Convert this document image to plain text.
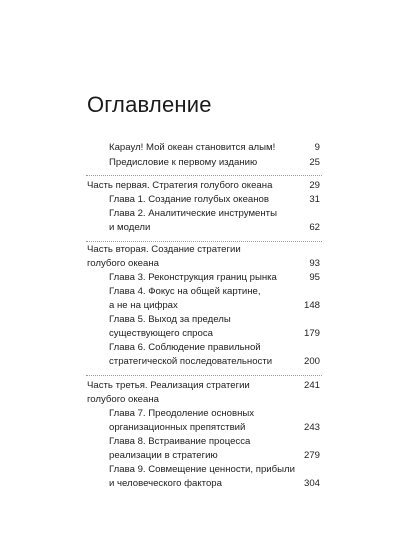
Оглавление
Караул! Мой океан становится алым!	9
Предисловие к первому изданию	25
Часть первая. Стратегия голубого океана	29
Глава 1. Создание голубых океанов	31
Глава 2. Аналитические инструменты
и модели	62
Часть вторая. Создание стратегии
голубого океана	93
Глава 3. Реконструкция границ рынка	95
Глава 4. Фокус на общей картине,
а не на цифрах	148
Глава 5. Выход за пределы
существующего спроса	179
Глава 6. Соблюдение правильной
стратегической последовательности	200
Часть третья. Реализация стратегии	241
голубого океана
Глава 7. Преодоление основных
организационных препятствий	243
Глава 8. Встраивание процесса
реализации в стратегию	279
Глава 9. Совмещение ценности, прибыли
и человеческого фактора	304
